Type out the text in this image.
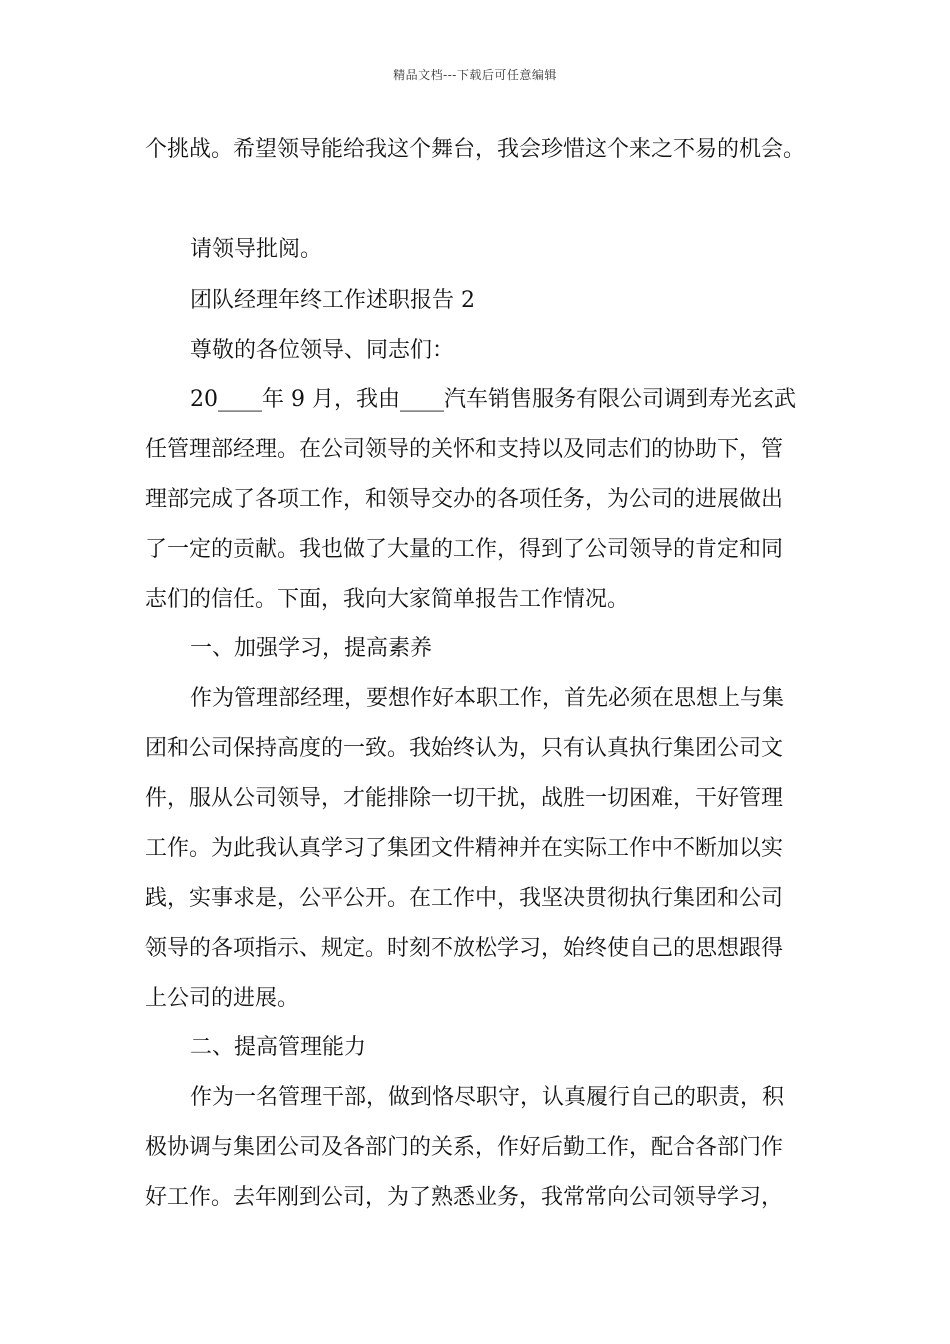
精品文档---下载后可任意编辑
个挑战。希望领导能给我这个舞台，我会珍惜这个来之不易的机会。
请领导批阅。
团队经理年终工作述职报告 2
尊敬的各位领导、同志们：
20____年 9 月，我由____汽车销售服务有限公司调到寿光玄武
任管理部经理。在公司领导的关怀和支持以及同志们的协助下，管
理部完成了各项工作，和领导交办的各项任务，为公司的进展做出
了一定的贡献。我也做了大量的工作，得到了公司领导的肯定和同
志们的信任。下面，我向大家简单报告工作情况。
一、加强学习，提高素养
作为管理部经理，要想作好本职工作，首先必须在思想上与集
团和公司保持高度的一致。我始终认为，只有认真执行集团公司文
件，服从公司领导，才能排除一切干扰，战胜一切困难，干好管理
工作。为此我认真学习了集团文件精神并在实际工作中不断加以实
践，实事求是，公平公开。在工作中，我坚决贯彻执行集团和公司
领导的各项指示、规定。时刻不放松学习，始终使自己的思想跟得
上公司的进展。
二、提高管理能力
作为一名管理干部，做到恪尽职守，认真履行自己的职责，积
极协调与集团公司及各部门的关系，作好后勤工作，配合各部门作
好工作。去年刚到公司，为了熟悉业务，我常常向公司领导学习，
